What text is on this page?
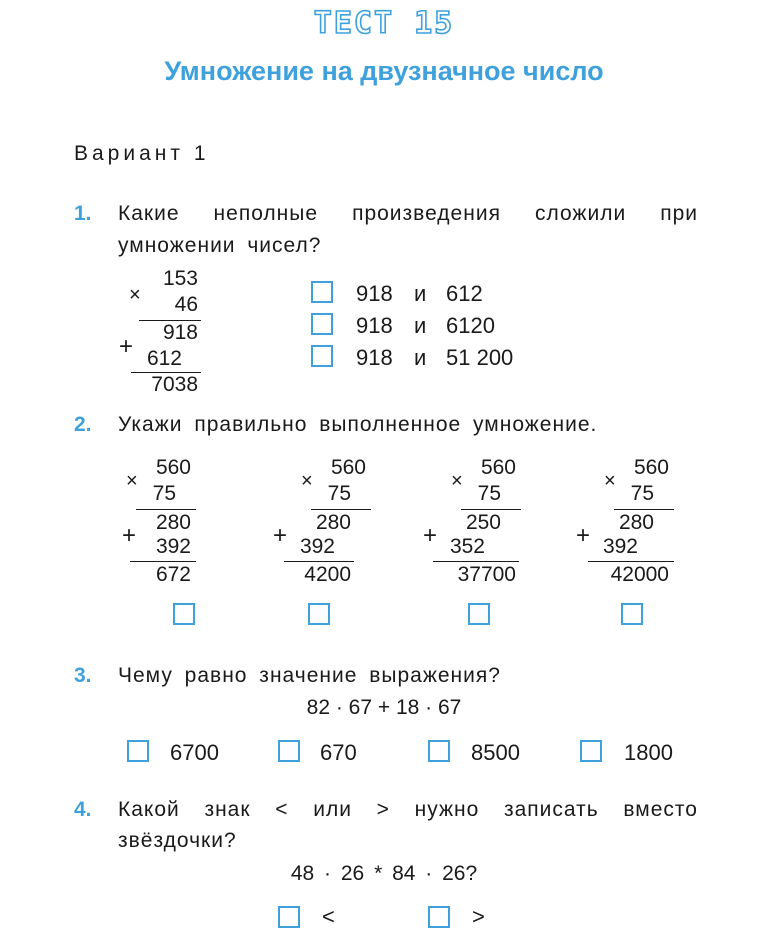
ТЕСТ 15
Умножение на двузначное число
Вариант 1
1. Какие неполные произведения сложили при
умножении чисел?
×
153
46
+
918
612
7038
918 и 612
918 и 6120
918 и 51 200
2. Укажи правильно выполненное умножение.
×
560
75
+ 280
392
672
×
560
75
+	280
392
4200
×
560
75
+	250
352
37700
×
560
75
+	280
392
42000
3. Чему равно значение выражения?
82 · 67 + 18 · 67
6700	670	8500	1800
4. Какой знак < или > нужно записать вместо
звёздочки?
48 · 26 * 84 · 26?
<	>
